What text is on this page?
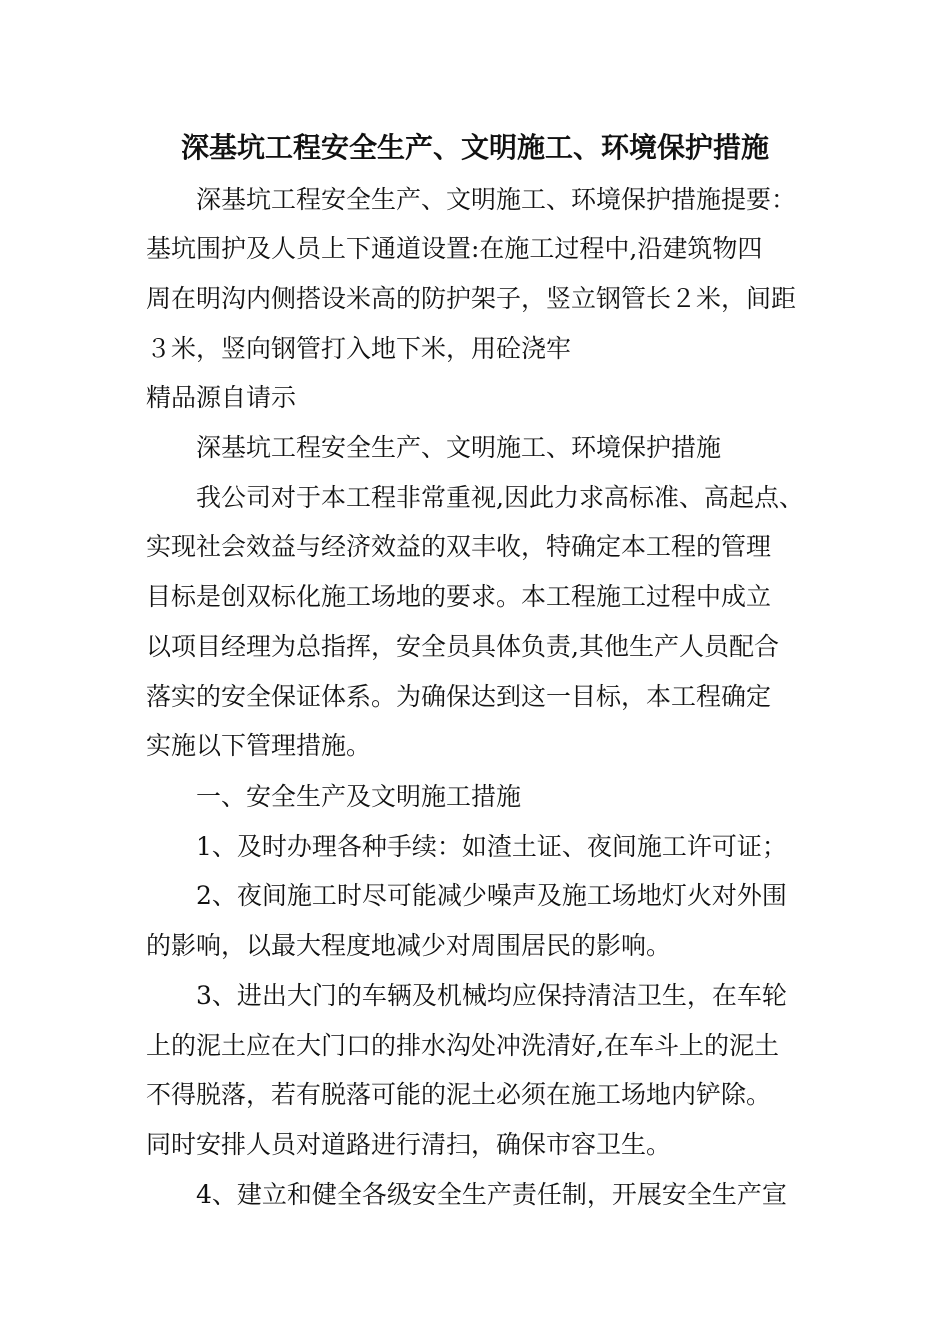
深基坑工程安全生产、文明施工、环境保护措施
深基坑工程安全生产、文明施工、环境保护措施提要：
基坑围护及人员上下通道设置:在施工过程中,沿建筑物四
周在明沟内侧搭设米高的防护架子，竖立钢管长２米，间距
３米，竖向钢管打入地下米，用砼浇牢
精品源自请示
深基坑工程安全生产、文明施工、环境保护措施
我公司对于本工程非常重视,因此力求高标准、高起点、
实现社会效益与经济效益的双丰收，特确定本工程的管理
目标是创双标化施工场地的要求。本工程施工过程中成立
以项目经理为总指挥，安全员具体负责,其他生产人员配合
落实的安全保证体系。为确保达到这一目标，本工程确定
实施以下管理措施。
一、安全生产及文明施工措施
1、及时办理各种手续：如渣土证、夜间施工许可证；
2、夜间施工时尽可能减少噪声及施工场地灯火对外围
的影响，以最大程度地减少对周围居民的影响。
3、进出大门的车辆及机械均应保持清洁卫生，在车轮
上的泥土应在大门口的排水沟处冲洗清好,在车斗上的泥土
不得脱落，若有脱落可能的泥土必须在施工场地内铲除。
同时安排人员对道路进行清扫，确保市容卫生。
4、建立和健全各级安全生产责任制，开展安全生产宣
